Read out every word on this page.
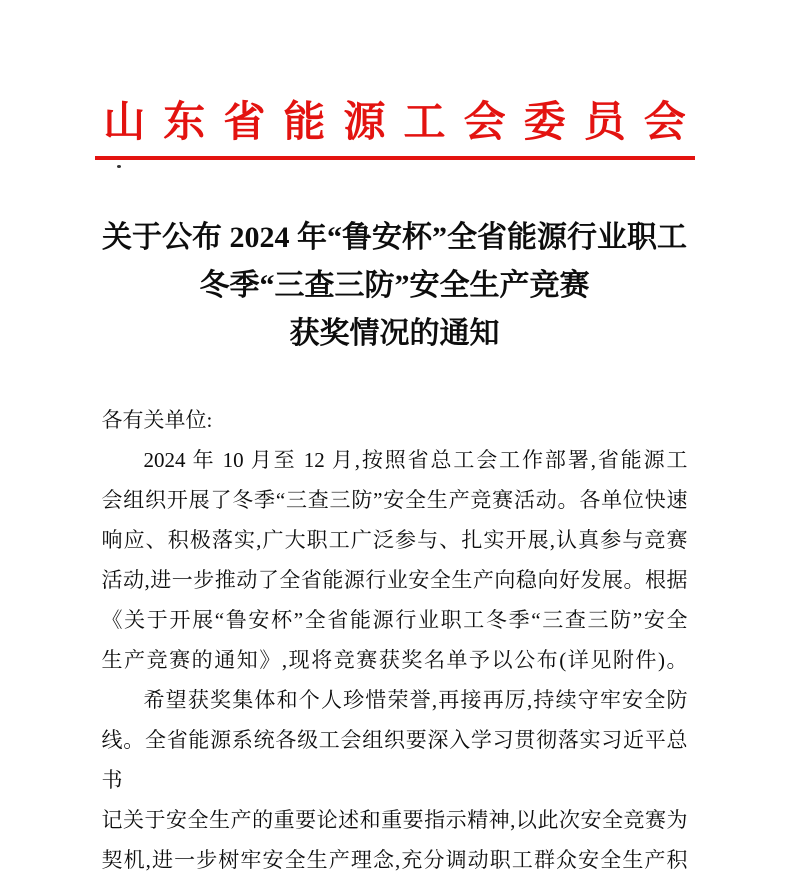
山东省能源工会委员会
关于公布 2024 年“鲁安杯”全省能源行业职工
冬季“三查三防”安全生产竞赛
获奖情况的通知
各有关单位:
2024 年 10 月至 12 月,按照省总工会工作部署,省能源工
会组织开展了冬季“三查三防”安全生产竞赛活动。各单位快速
响应、积极落实,广大职工广泛参与、扎实开展,认真参与竞赛
活动,进一步推动了全省能源行业安全生产向稳向好发展。根据
《关于开展“鲁安杯”全省能源行业职工冬季“三查三防”安全
生产竞赛的通知》,现将竞赛获奖名单予以公布(详见附件)。
希望获奖集体和个人珍惜荣誉,再接再厉,持续守牢安全防
线。全省能源系统各级工会组织要深入学习贯彻落实习近平总书
记关于安全生产的重要论述和重要指示精神,以此次安全竞赛为
契机,进一步树牢安全生产理念,充分调动职工群众安全生产积
